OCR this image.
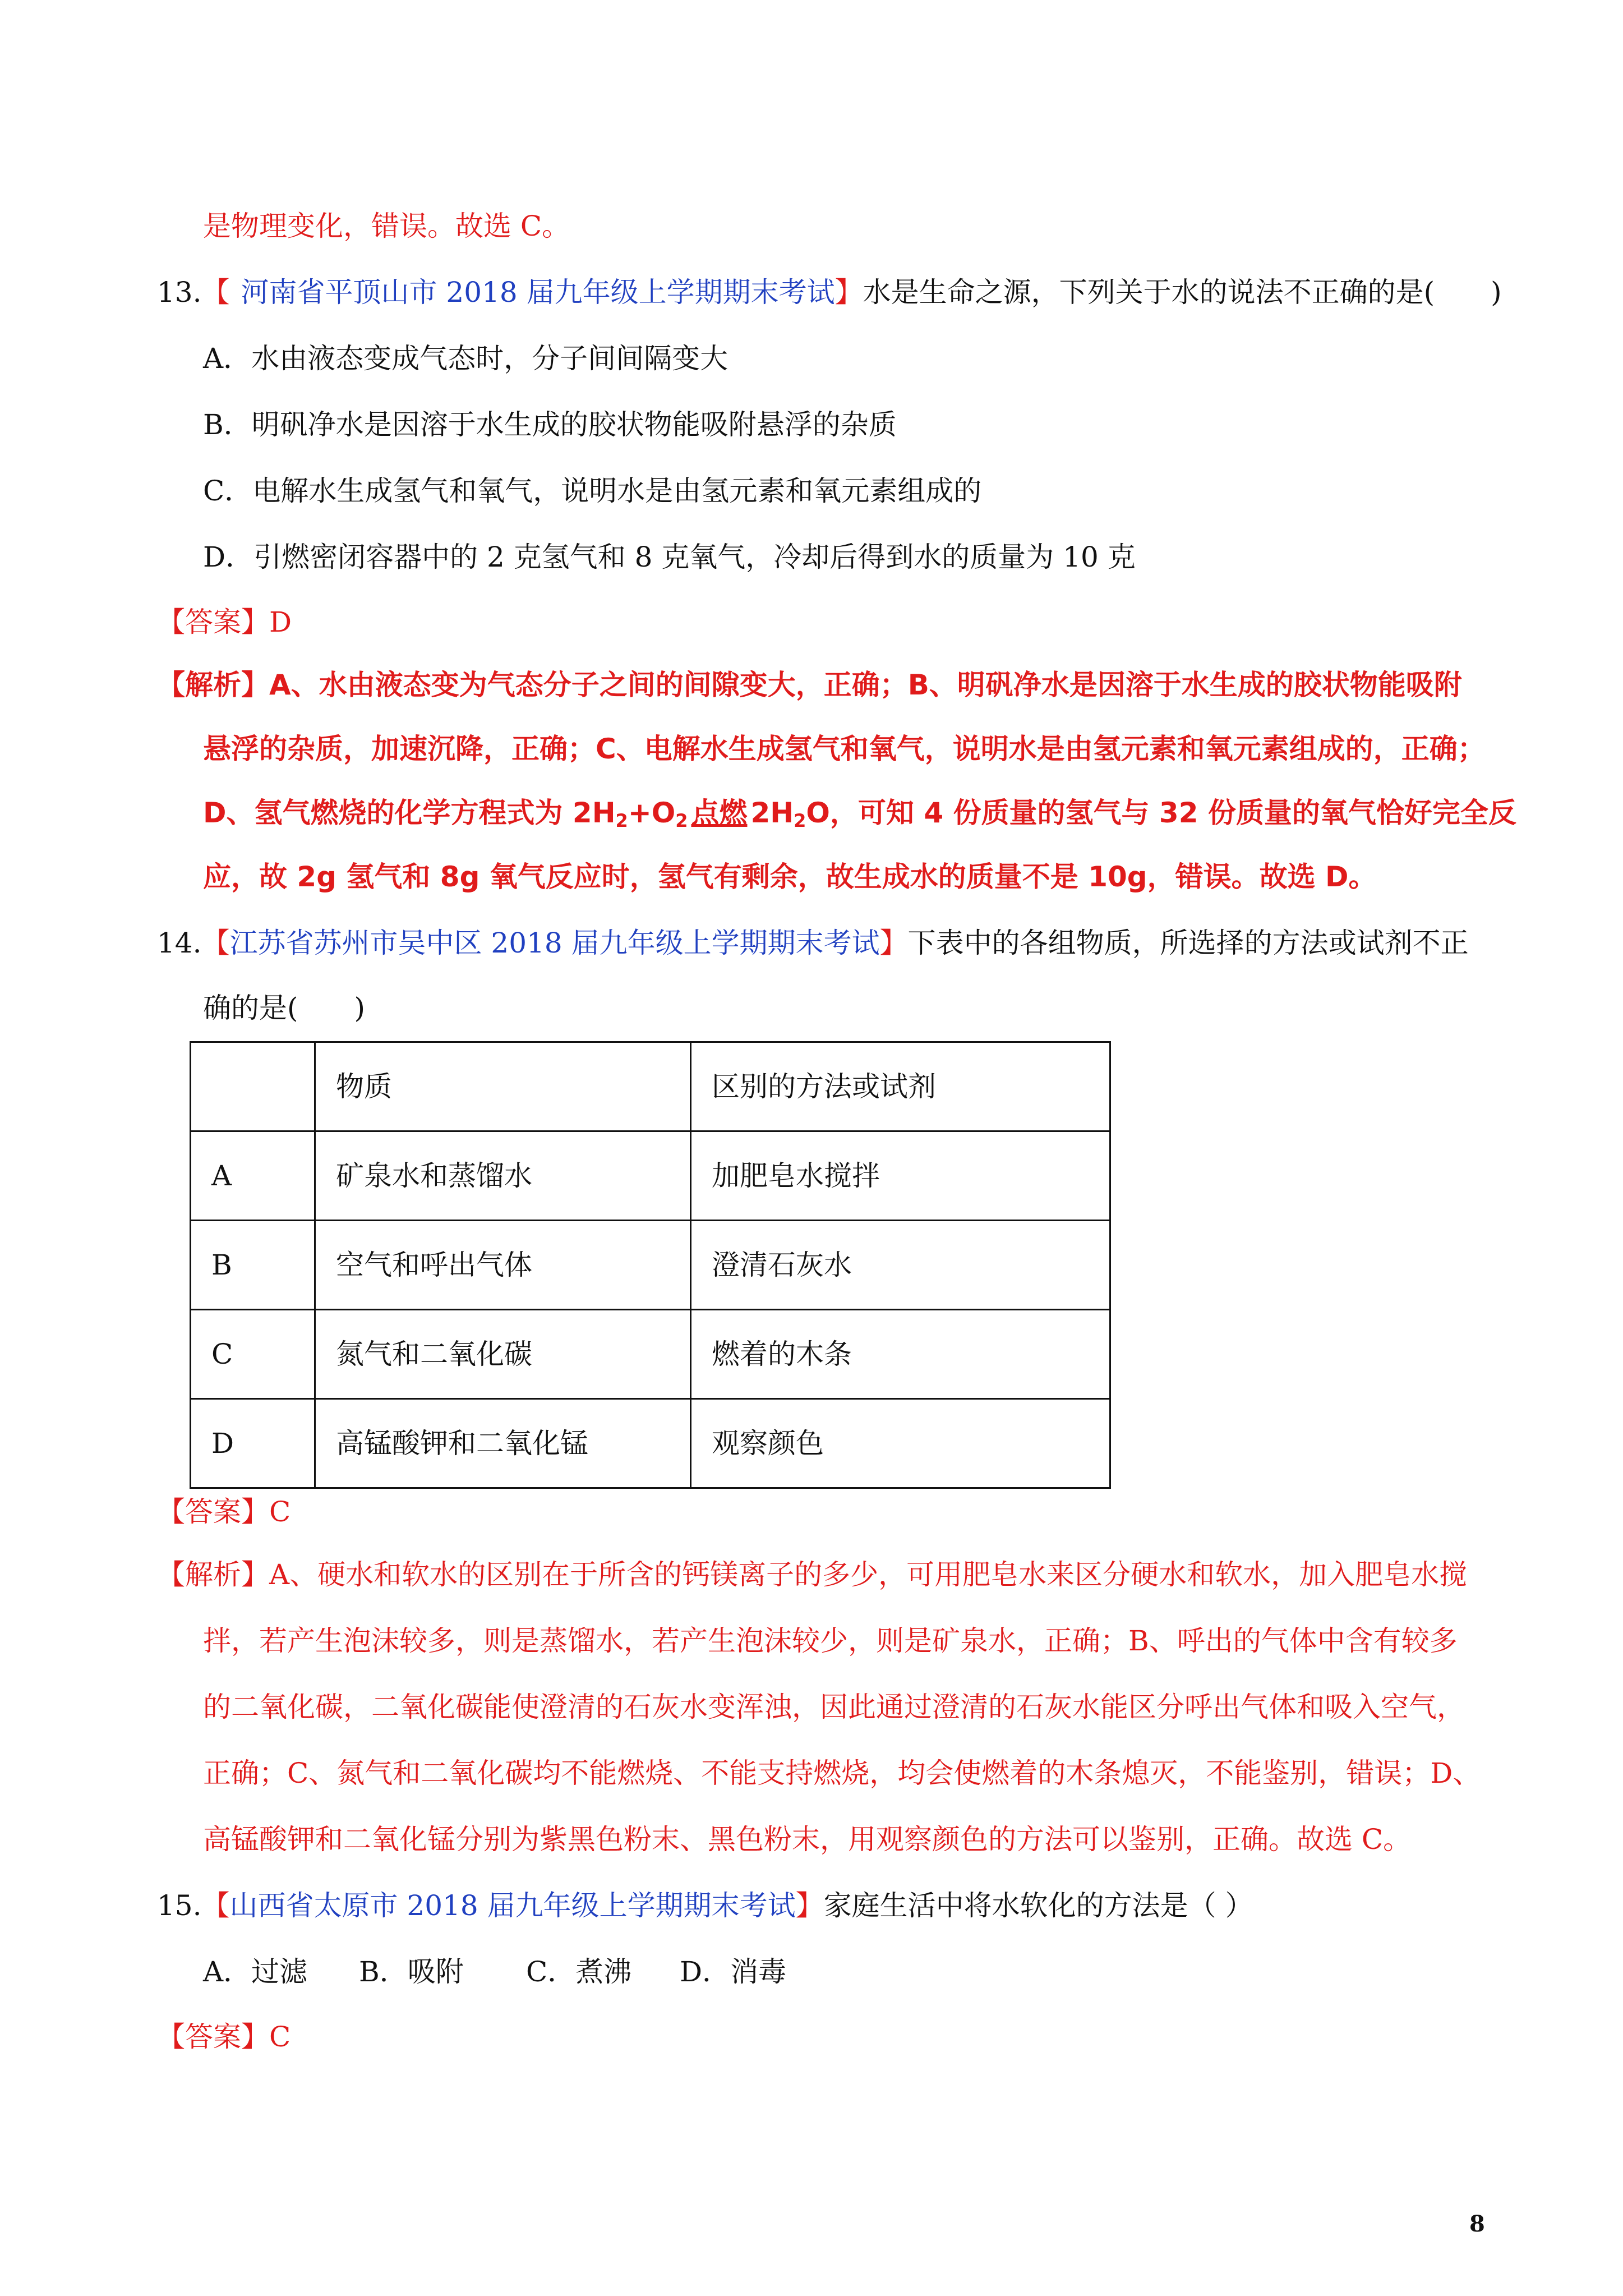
是物理变化，错误。故选 C。
13.【 河南省平顶山市 2018 届九年级上学期期末考试】水是生命之源，下列关于水的说法不正确的是(　　)
A．水由液态变成气态时，分子间间隔变大
B．明矾净水是因溶于水生成的胶状物能吸附悬浮的杂质
C．电解水生成氢气和氧气，说明水是由氢元素和氧元素组成的
D．引燃密闭容器中的 2 克氢气和 8 克氧气，冷却后得到水的质量为 10 克
【答案】D
【解析】A、水由液态变为气态分子之间的间隙变大，正确；B、明矾净水是因溶于水生成的胶状物能吸附
悬浮的杂质，加速沉降，正确；C、电解水生成氢气和氧气，说明水是由氢元素和氧元素组成的，正确；
D、氢气燃烧的化学方程式为 $2H_2+O_2$ 点燃 $2H_2O$，可知 4 份质量的氢气与 32 份质量的氧气恰好完全反
应，故 2g 氢气和 8g 氧气反应时，氢气有剩余，故生成水的质量不是 10g，错误。故选 D。
14.【江苏省苏州市吴中区 2018 届九年级上学期期末考试】下表中的各组物质，所选择的方法或试剂不正
确的是(　　)
	物质	区别的方法或试剂
A	矿泉水和蒸馏水	加肥皂水搅拌
B	空气和呼出气体	澄清石灰水
C	氮气和二氧化碳	燃着的木条
D	高锰酸钾和二氧化锰	观察颜色
【答案】C
【解析】A、硬水和软水的区别在于所含的钙镁离子的多少，可用肥皂水来区分硬水和软水，加入肥皂水搅
拌，若产生泡沫较多，则是蒸馏水，若产生泡沫较少，则是矿泉水，正确；B、呼出的气体中含有较多
的二氧化碳，二氧化碳能使澄清的石灰水变浑浊，因此通过澄清的石灰水能区分呼出气体和吸入空气，
正确；C、氮气和二氧化碳均不能燃烧、不能支持燃烧，均会使燃着的木条熄灭，不能鉴别，错误；D、
高锰酸钾和二氧化锰分别为紫黑色粉末、黑色粉末，用观察颜色的方法可以鉴别，正确。故选 C。
15.【山西省太原市 2018 届九年级上学期期末考试】家庭生活中将水软化的方法是（ ）
A．过滤 B．吸附 C．煮沸 D．消毒
【答案】C
8
